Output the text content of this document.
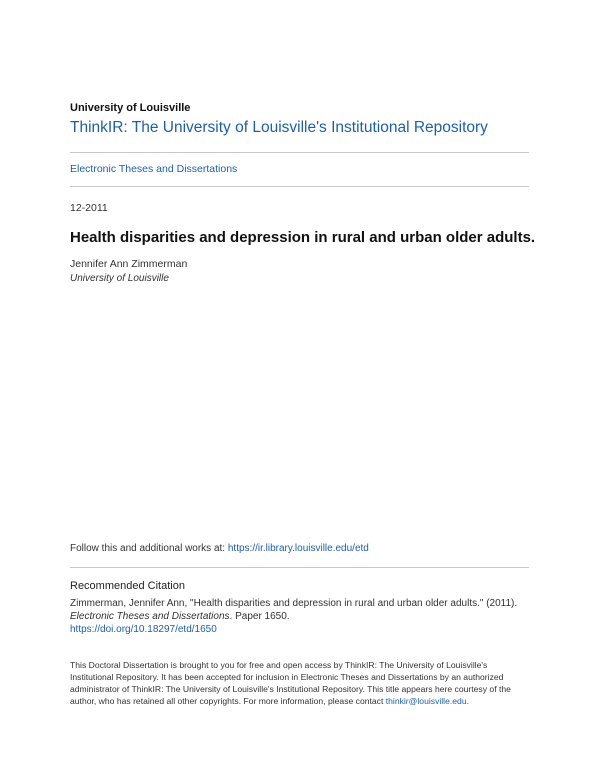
University of Louisville
ThinkIR: The University of Louisville's Institutional Repository
Electronic Theses and Dissertations
12-2011
Health disparities and depression in rural and urban older adults.
Jennifer Ann Zimmerman
University of Louisville
Follow this and additional works at: https://ir.library.louisville.edu/etd
Recommended Citation
Zimmerman, Jennifer Ann, "Health disparities and depression in rural and urban older adults." (2011).
Electronic Theses and Dissertations. Paper 1650.
https://doi.org/10.18297/etd/1650
This Doctoral Dissertation is brought to you for free and open access by ThinkIR: The University of Louisville's
Institutional Repository. It has been accepted for inclusion in Electronic Theses and Dissertations by an authorized
administrator of ThinkIR: The University of Louisville's Institutional Repository. This title appears here courtesy of the
author, who has retained all other copyrights. For more information, please contact thinkir@louisville.edu.
